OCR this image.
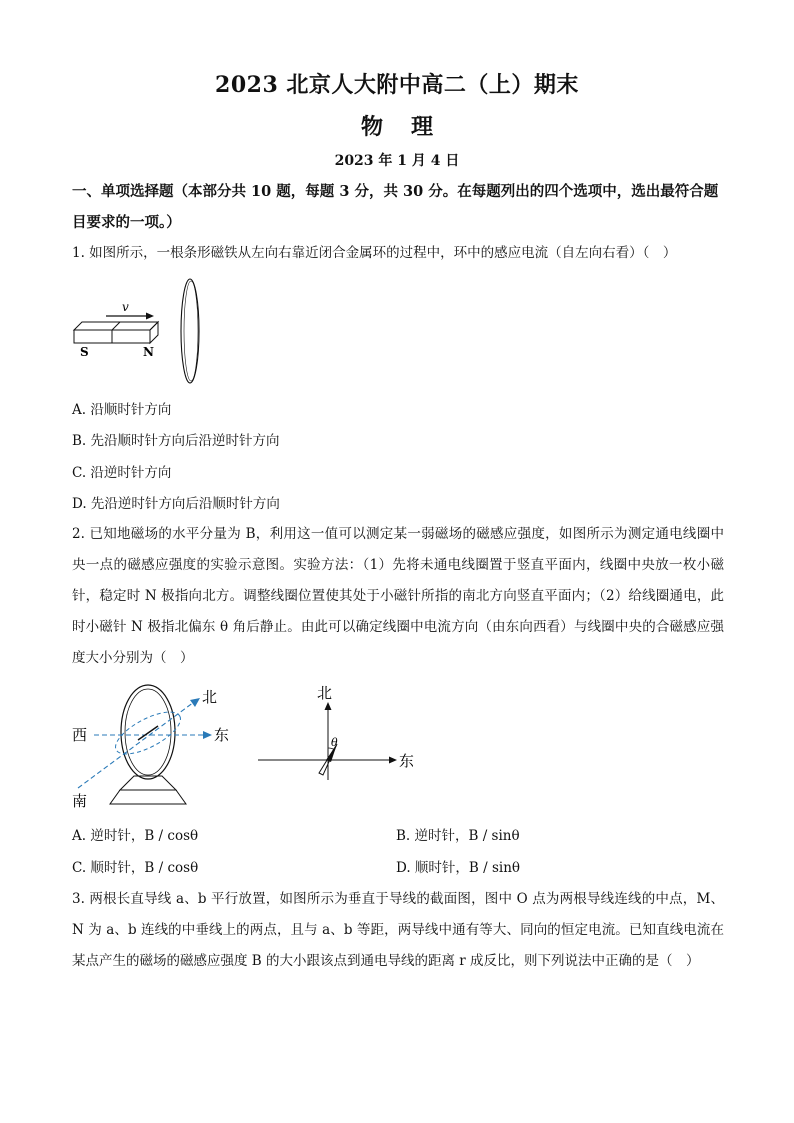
2023 北京人大附中高二（上）期末
物理
2023 年 1 月 4 日
一、单项选择题（本部分共 10 题，每题 3 分，共 30 分。在每题列出的四个选项中，选出最符合题目要求的一项。）
1. 如图所示，一根条形磁铁从左向右靠近闭合金属环的过程中，环中的感应电流（自左向右看）（　）
v
S	N
A. 沿顺时针方向
B. 先沿顺时针方向后沿逆时针方向
C. 沿逆时针方向
D. 先沿逆时针方向后沿顺时针方向
2. 已知地磁场的水平分量为 B，利用这一值可以测定某一弱磁场的磁感应强度，如图所示为测定通电线圈中央一点的磁感应强度的实验示意图。实验方法：（1）先将未通电线圈置于竖直平面内，线圈中央放一枚小磁针，稳定时 N 极指向北方。调整线圈位置使其处于小磁针所指的南北方向竖直平面内；（2）给线圈通电，此时小磁针 N 极指北偏东 θ 角后静止。由此可以确定线圈中电流方向（由东向西看）与线圈中央的合磁感应强度大小分别为（　）
北
西	东
南
北
东
θ
A. 逆时针，B / cosθ	B. 逆时针，B / sinθ
C. 顺时针，B / cosθ	D. 顺时针，B / sinθ
3. 两根长直导线 a、b 平行放置，如图所示为垂直于导线的截面图，图中 O 点为两根导线连线的中点，M、N 为 a、b 连线的中垂线上的两点，且与 a、b 等距，两导线中通有等大、同向的恒定电流。已知直线电流在某点产生的磁场的磁感应强度 B 的大小跟该点到通电导线的距离 r 成反比，则下列说法中正确的是（　）
